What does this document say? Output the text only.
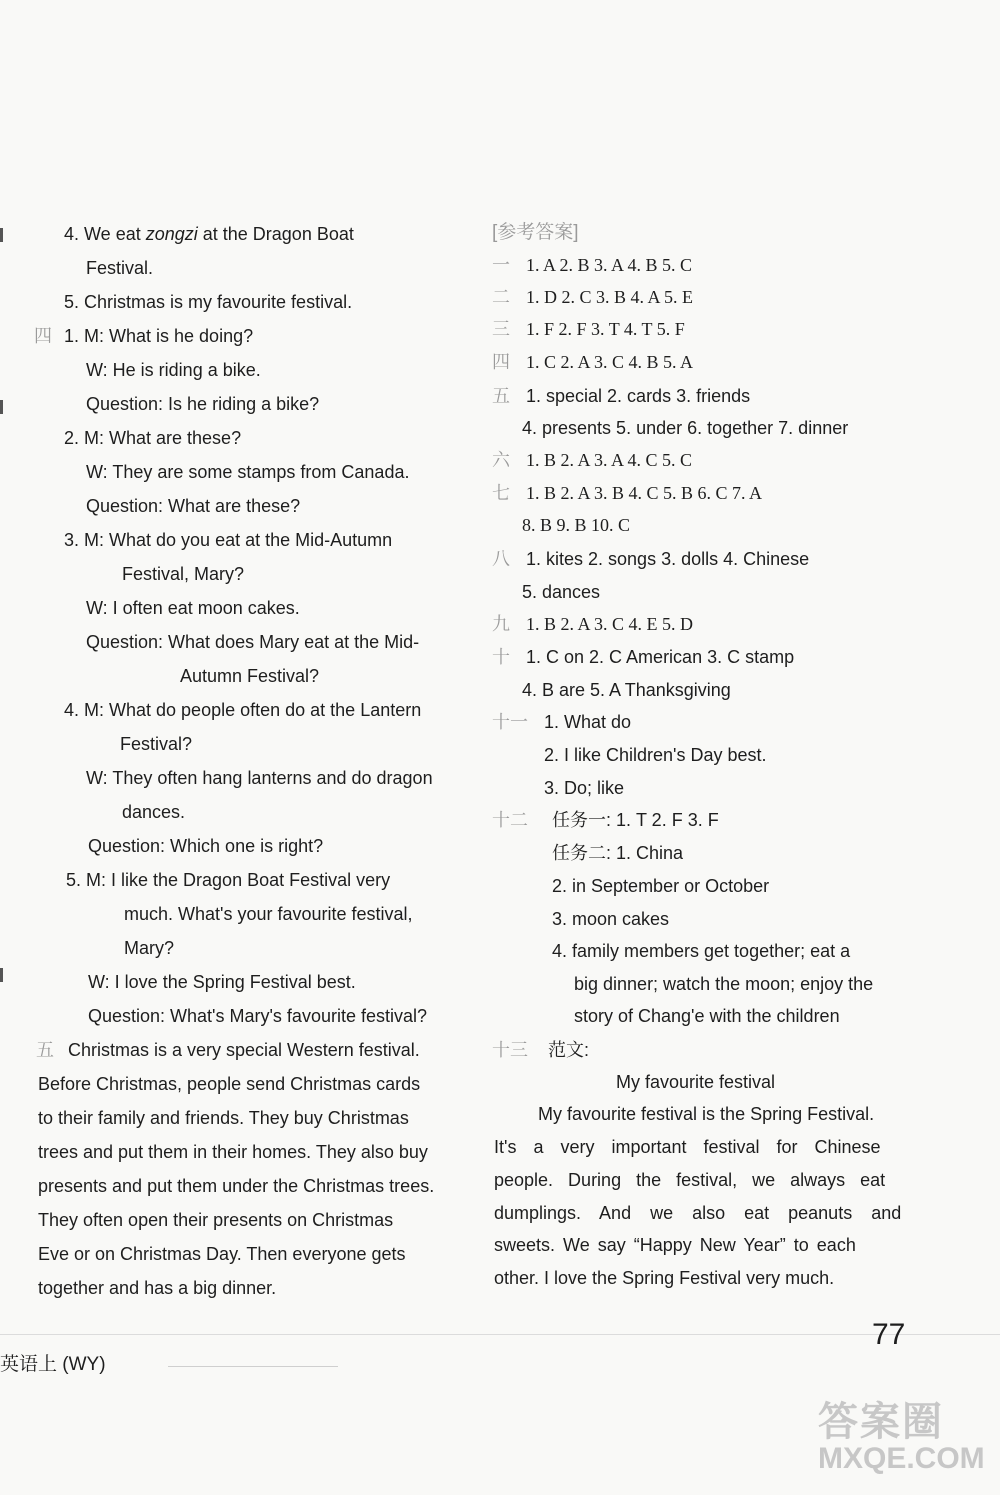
4. We eat zongzi at the Dragon Boat
Festival.
5. Christmas is my favourite festival.
四 1. M: What is he doing?
W: He is riding a bike.
Question: Is he riding a bike?
2. M: What are these?
W: They are some stamps from Canada.
Question: What are these?
3. M: What do you eat at the Mid-Autumn
Festival, Mary?
W: I often eat moon cakes.
Question: What does Mary eat at the Mid-
Autumn Festival?
4. M: What do people often do at the Lantern
Festival?
W: They often hang lanterns and do dragon
dances.
Question: Which one is right?
5. M: I like the Dragon Boat Festival very
much. What's your favourite festival,
Mary?
W: I love the Spring Festival best.
Question: What's Mary's favourite festival?
五 Christmas is a very special Western festival.
Before Christmas, people send Christmas cards
to their family and friends. They buy Christmas
trees and put them in their homes. They also buy
presents and put them under the Christmas trees.
They often open their presents on Christmas
Eve or on Christmas Day. Then everyone gets
together and has a big dinner.
[参考答案]
一 1. A 2. B 3. A 4. B 5. C
二 1. D 2. C 3. B 4. A 5. E
三 1. F 2. F 3. T 4. T 5. F
四 1. C 2. A 3. C 4. B 5. A
五 1. special 2. cards 3. friends
4. presents 5. under 6. together 7. dinner
六 1. B 2. A 3. A 4. C 5. C
七 1. B 2. A 3. B 4. C 5. B 6. C 7. A
8. B 9. B 10. C
八 1. kites 2. songs 3. dolls 4. Chinese
5. dances
九 1. B 2. A 3. C 4. E 5. D
十 1. C on 2. C American 3. C stamp
4. B are 5. A Thanksgiving
十一 1. What do
2. I like Children's Day best.
3. Do; like
十二 任务一: 1. T 2. F 3. F
任务二: 1. China
2. in September or October
3. moon cakes
4. family members get together; eat a
big dinner; watch the moon; enjoy the
story of Chang'e with the children
十三 范文:
My favourite festival
My favourite festival is the Spring Festival.
It's a very important festival for Chinese
people. During the festival, we always eat
dumplings. And we also eat peanuts and
sweets. We say “Happy New Year” to each
other. I love the Spring Festival very much.
77
英语上 (WY)
答案圈
MXQE.COM
